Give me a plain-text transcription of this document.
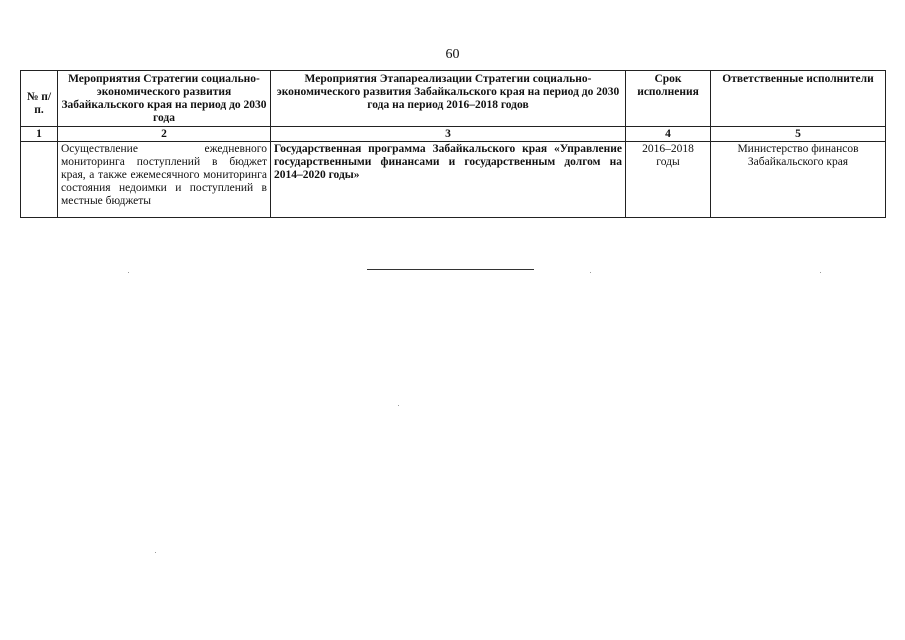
60
№ п/п.	Мероприятия Стратегии социально-экономического развития Забайкальского края на период до 2030 года	Мероприятия Этапареализации Стратегии социально-экономического развития Забайкальского края на период до 2030 года на период 2016–2018 годов	Срок исполнения	Ответственные исполнители
1	2	3	4	5
	Осуществление ежедневного мониторинга поступлений в бюджет края, а также ежемесячного мониторинга состояния недоимки и поступлений в местные бюджеты	Государственная программа Забайкальского края «Управление государственными финансами и государственным долгом на 2014–2020 годы»	2016–2018 годы	Министерство финансов Забайкальского края
